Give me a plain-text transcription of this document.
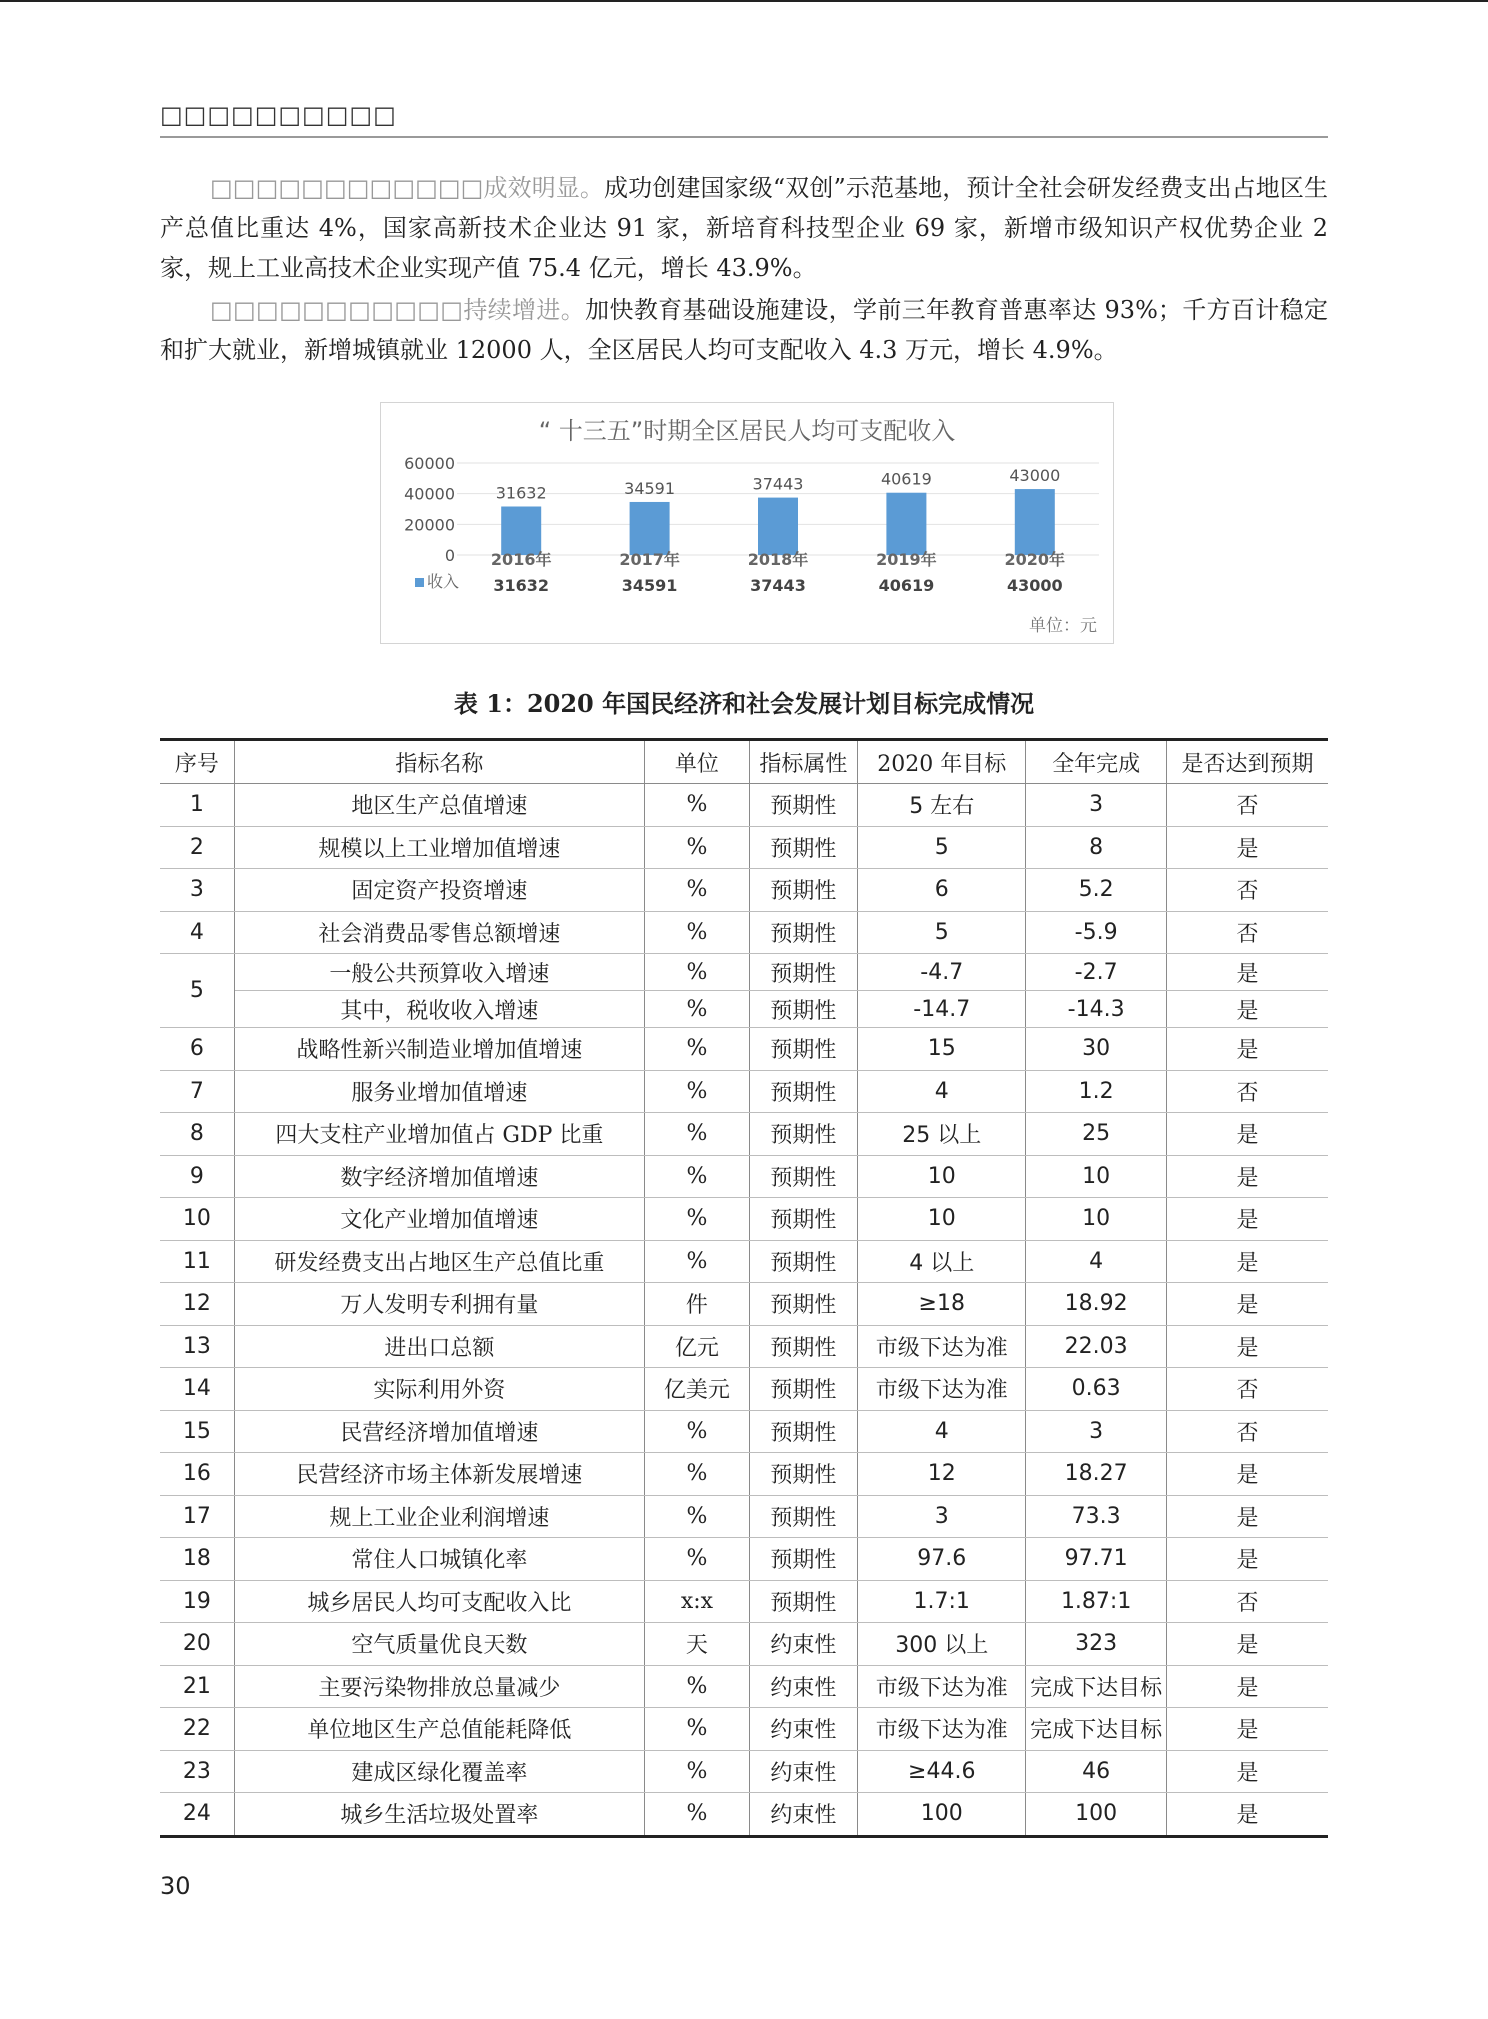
□□□□□□□□□□

□□□□□□□□□□□□成效明显。成功创建国家级“双创”示范基地，预计全社会研发经费支出占地区生产总值比重达 4%，国家高新技术企业达 91 家，新培育科技型企业 69 家，新增市级知识产权优势企业 2 家，规上工业高技术企业实现产值 75.4 亿元，增长 43.9%。

□□□□□□□□□□□持续增进。加快教育基础设施建设，学前三年教育普惠率达 93%；千方百计稳定和扩大就业，新增城镇就业 12000 人，全区居民人均可支配收入 4.3 万元，增长 4.9%。

“ 十三五”时期全区居民人均可支配收入
60000
40000
20000
0
31632	34591	37443	40619	43000
2016年	2017年	2018年	2019年	2020年
收入 31632	34591	37443	40619	43000
单位：元
表 1：2020 年国民经济和社会发展计划目标完成情况
序号	指标名称	单位	指标属性	2020 年目标	全年完成	是否达到预期
1	地区生产总值增速	%	预期性	5 左右	3	否
2	规模以上工业增加值增速	%	预期性	5	8	是
3	固定资产投资增速	%	预期性	6	5.2	否
4	社会消费品零售总额增速	%	预期性	5	-5.9	否
5	一般公共预算收入增速	%	预期性	-4.7	-2.7	是
	其中，税收收入增速	%	预期性	-14.7	-14.3	是
6	战略性新兴制造业增加值增速	%	预期性	15	30	是
7	服务业增加值增速	%	预期性	4	1.2	否
8	四大支柱产业增加值占 GDP 比重	%	预期性	25 以上	25	是
9	数字经济增加值增速	%	预期性	10	10	是
10	文化产业增加值增速	%	预期性	10	10	是
11	研发经费支出占地区生产总值比重	%	预期性	4 以上	4	是
12	万人发明专利拥有量	件	预期性	≥18	18.92	是
13	进出口总额	亿元	预期性	市级下达为准	22.03	是
14	实际利用外资	亿美元	预期性	市级下达为准	0.63	否
15	民营经济增加值增速	%	预期性	4	3	否
16	民营经济市场主体新发展增速	%	预期性	12	18.27	是
17	规上工业企业利润增速	%	预期性	3	73.3	是
18	常住人口城镇化率	%	预期性	97.6	97.71	是
19	城乡居民人均可支配收入比	x:x	预期性	1.7:1	1.87:1	否
20	空气质量优良天数	天	约束性	300 以上	323	是
21	主要污染物排放总量减少	%	约束性	市级下达为准	完成下达目标	是
22	单位地区生产总值能耗降低	%	约束性	市级下达为准	完成下达目标	是
23	建成区绿化覆盖率	%	约束性	≥44.6	46	是
24	城乡生活垃圾处置率	%	约束性	100	100	是
30
